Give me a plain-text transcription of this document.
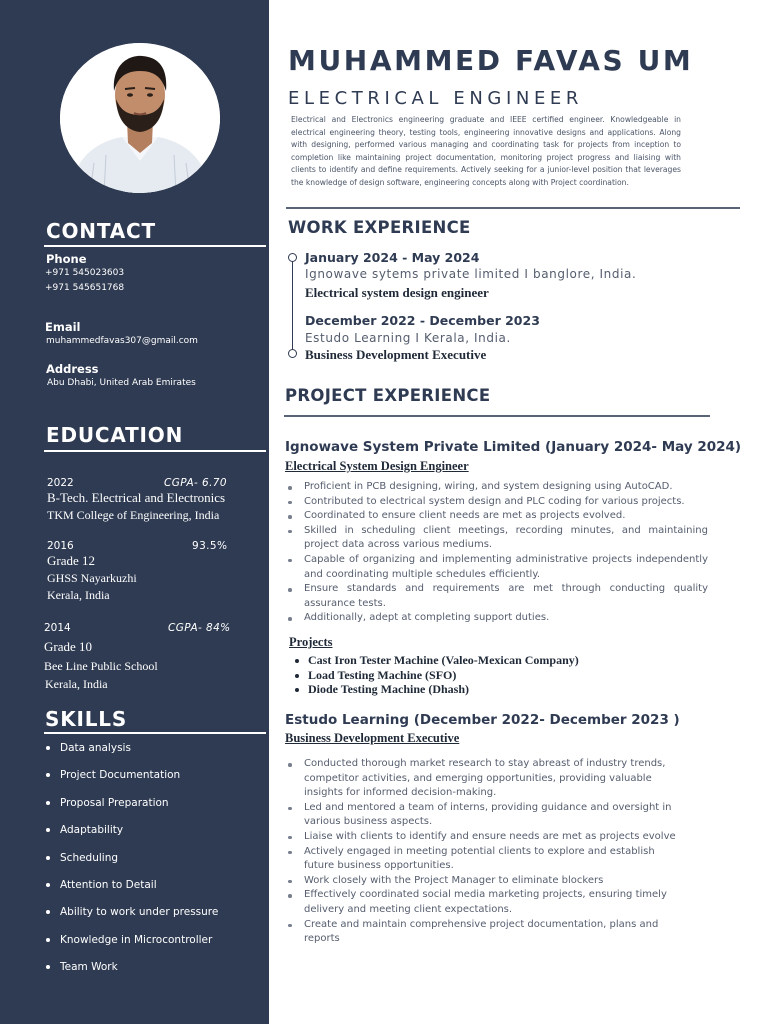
CONTACT
Phone
+971 545023603
+971 545651768
Email
muhammedfavas307@gmail.com
Address
Abu Dhabi, United Arab Emirates
EDUCATION
2022	CGPA- 6.70
B-Tech. Electrical and Electronics
TKM College of Engineering, India
2016	93.5%
Grade 12
GHSS Nayarkuzhi
Kerala, India
2014	CGPA- 84%
Grade 10
Bee Line Public School
Kerala, India
SKILLS
Data analysis
Project Documentation
Proposal Preparation
Adaptability
Scheduling
Attention to Detail
Ability to work under pressure
Knowledge in Microcontroller
Team Work
MUHAMMED FAVAS UM
ELECTRICAL ENGINEER
Electrical and Electronics engineering graduate and IEEE certified engineer. Knowledgeable in electrical engineering theory, testing tools, engineering innovative designs and applications. Along with designing, performed various managing and coordinating task for projects from inception to completion like maintaining project documentation, monitoring project progress and liaising with clients to identify and define requirements. Actively seeking for a junior-level position that leverages the knowledge of design software, engineering concepts along with Project coordination.
WORK EXPERIENCE
January 2024 - May 2024
Ignowave sytems private limited I banglore, India.
Electrical system design engineer
December 2022 - December 2023
Estudo Learning I Kerala, India.
Business Development Executive
PROJECT EXPERIENCE
Ignowave System Private Limited (January 2024- May 2024)
Electrical System Design Engineer
Proficient in PCB designing, wiring, and system designing using AutoCAD.
Contributed to electrical system design and PLC coding for various projects.
Coordinated to ensure client needs are met as projects evolved.
Skilled in scheduling client meetings, recording minutes, and maintaining project data across various mediums.
Capable of organizing and implementing administrative projects independently and coordinating multiple schedules efficiently.
Ensure standards and requirements are met through conducting quality assurance tests.
Additionally, adept at completing support duties.
Projects
Cast Iron Tester Machine (Valeo-Mexican Company)
Load Testing Machine (SFO)
Diode Testing Machine (Dhash)
Estudo Learning (December 2022- December 2023 )
Business Development Executive
Conducted thorough market research to stay abreast of industry trends, competitor activities, and emerging opportunities, providing valuable insights for informed decision-making.
Led and mentored a team of interns, providing guidance and oversight in various business aspects.
Liaise with clients to identify and ensure needs are met as projects evolve
Actively engaged in meeting potential clients to explore and establish future business opportunities.
Work closely with the Project Manager to eliminate blockers
Effectively coordinated social media marketing projects, ensuring timely delivery and meeting client expectations.
Create and maintain comprehensive project documentation, plans and reports
